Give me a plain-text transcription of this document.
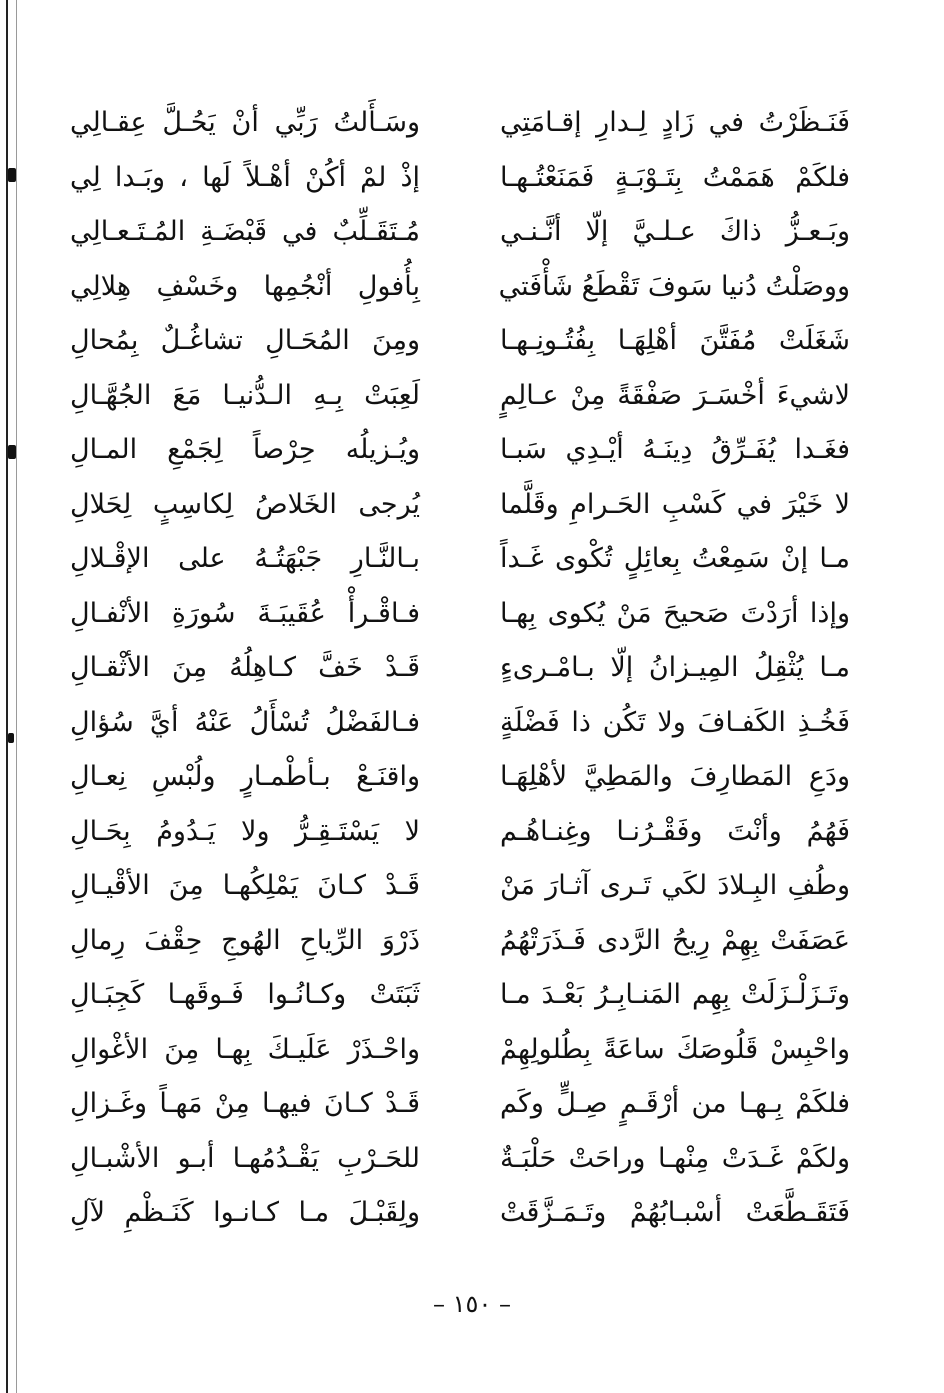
فَنَـظَرْتُ في زَادٍ لِـدارِ إقـامَتِي
وسَـأَلتُ رَبِّي أنْ يَحُـلَّ عِقـالِي
فلكَمْ هَمَمْتُ بِتَـوْبَـةٍ فَمَنَعْتُـهـا
إذْ لمْ أكُنْ أهْـلاً لَها ، وبَـدا لِي
وبَـعـزُّ ذاكَ عـلـيَّ إلّا أنَّـنـي
مُـتَقَـلِّبٌ في قَبْضَـةِ المُـتَـعـالِي
ووصَلْتُ دُنيا سَوفَ تَقْطَعُ شَأْفَتي
بِأُفولِ أنْجُمِها وخَسْفِ هِلالِي
شَغَلَتْ مُفَتَّنَ أهْلِهَـا بِفُتُـونِـهـا
ومِنَ المُحَـالِ تشاغُـلٌ بِمُحالِ
لاشيءَ أخْسَـرَ صَفْقَةً مِنْ عـالِمٍ
لَعِبَتْ بِـهِ الـدُّنيـا مَعَ الجُهَّـالِ
فغَـدا يُفَـرِّقُ دِينَـهُ أيْـدِي سَبـا
ويُـزيلُه حِرْصاً لِجَمْعِ المـالِ
لا خَيْرَ في كَسْبِ الحَـرامِ وقَلَّما
يُرجى الخَلاصُ لِكاسِبٍ لِحَلالِ
مـا إنْ سَمِعْتُ بِعائِلٍ تُكْوى غَـداً
بـالنَّـارِ جَبْهَتُـهُ على الإقْـلالِ
وإذا أرَدْتَ صَحيحَ مَنْ يُكوى بِهـا
فـاقْـرأْ عُقَيبَـةَ سُورَةِ الأنْفـالِ
مـا يُثْقِلُ المِيـزانُ إلّا بـامْـرىءٍ
قَـدْ خَفَّ كـاهِلُهُ مِنَ الأثْقـالِ
فَخُـذِ الكَفـافَ ولا تَكُن ذا فَضْلَةٍ
فـالفَضْلُ تُسْأَلُ عَنْهُ أيَّ سُؤالِ
ودَعِ المَطارِفَ والمَطِيَّ لأهْلِهَـا
واقنَـعْ بـأطْمـارٍ ولُبْسِ نِعـالِ
فَهُمُ وأنْتَ وفَقْـرُنـا وغِنـاهُـم
لا يَسْتَـقِـرُّ ولا يَـدُومُ بِحَـالِ
وطُفِ البِـلادَ لكَي تَـرى آثـارَ مَنْ
قَـدْ كـانَ يَمْلِكُهـا مِنَ الأقْيـالِ
عَصَفَتْ بِهِمْ رِيحُ الرَّدى فَـذَرَتْهُمُ
ذَرْوَ الرِّياحِ الهُوجِ حِقْفَ رِمالِ
وتَـزَلْـزَلَتْ بِهِم المَنـابِـرُ بَعْـدَ مـا
ثَبَتَتْ وكـانُـوا فَـوقَهـا كَجِبَـالِ
واحْبِسْ قَلُوصَكَ ساعَةً بِطُلولِهِمْ
واحْـذَرْ عَلَيـكَ بِهـا مِنَ الأغْوالِ
فلكَمْ بِـهـا من أرْقَـمٍ صِـلٍّ وكَم
قَـدْ كـانَ فيهـا مِنْ مَهـاً وغَـزالِ
ولكَمْ غَـدَتْ مِنْهـا وراحَتْ حَلْبَـةٌ
للحَـرْبِ يَقْـدُمُهـا أبـو الأشْبـالِ
فَتَقَـطَّعَتْ أسْبـابُهُمْ وتَـمَـزَّقَتْ
ولِقَبْـلَ مـا كـانـوا كَنَـظْمِ لآلِ
– ١٥٠ –
